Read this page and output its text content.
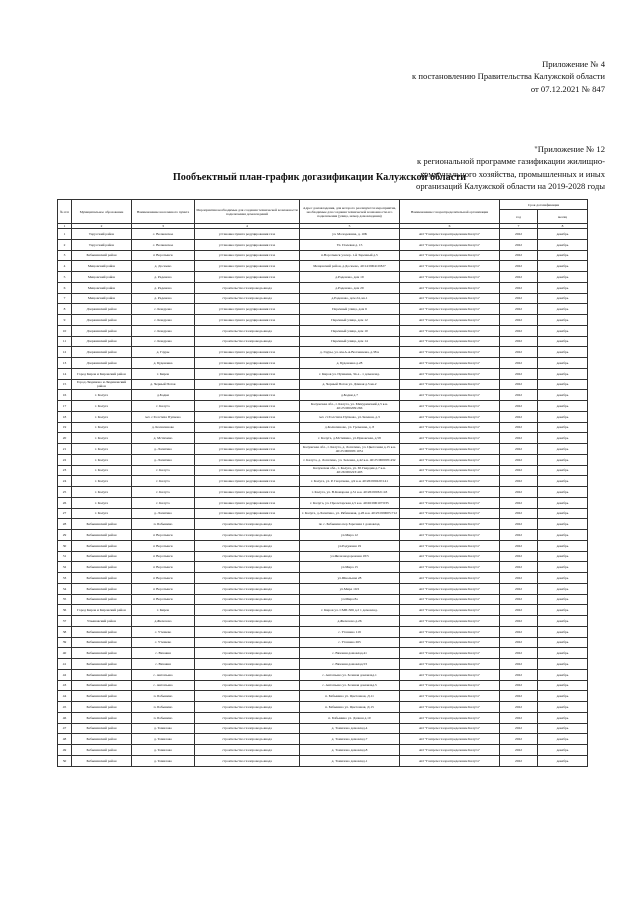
Приложение № 4
к постановлению Правительства Калужской области
от 07.12.2021 № 847
"Приложение № 12
к региональной программе газификации жилищно-
коммунального хозяйства, промышленных и иных
организаций Калужской области на 2019-2028 годы
Пообъектный план-график догазификации Калужской области
№ п/п	Муниципальное образование	Наименование населенного пункта	Мероприятия необходимые для создания технической возможности подключения домовладений	Адрес домовладения, для которого реализуются мероприятия, необходимые для создания технической возможности его подключения (улица, номер домовладения)	Наименование газораспределительной организации	Срок догазификации	
						год	месяц
1	2	3	4	5	6	7	8
1	Тарусский район	с. Волковское	установка пункта редуцирования газа	ул. Молодежная, д. 10Б	АО "Газпром газораспределение Калуга"	2022	декабрь
2	Тарусский район	с. Волковское	установка пункта редуцирования газа	Ул. Полевая д. 15	АО "Газпром газораспределение Калуга"	2022	декабрь
3	Бабынинский район	п Воротынск	установка пункта редуцирования газа	п.Воротынск ул.пер. 1-й Заречный д.5	АО "Газпром газораспределение Калуга"	2022	декабрь
4	Мещовский район	д. Досюево	установка пункта редуцирования газа	Мещовский район, д.Досюево, 40:14:000410:827	АО "Газпром газораспределение Калуга"	2022	декабрь
5	Мещовский район	д. Раденово	установка пункта редуцирования газа	д.Раденово, дом 19	АО "Газпром газораспределение Калуга"	2022	декабрь
6	Мещовский район	д. Раденово	строительство газопровода-ввода	д.Раденово, дом 29	АО "Газпром газораспределение Калуга"	2022	декабрь
7	Мещовский район	д. Раденово	строительство газопровода-ввода	д.Раденово, дом 24, кв.1	АО "Газпром газораспределение Калуга"	2022	декабрь
8	Дзержинский район	с. Кондрово	установка пункта редуцирования газа	Перечный улица, дом 6	АО "Газпром газораспределение Калуга"	2022	декабрь
9	Дзержинский район	с. Кондрово	установка пункта редуцирования газа	Перечный улица, дом 12	АО "Газпром газораспределение Калуга"	2022	декабрь
10	Дзержинский район	с. Кондрово	строительство газопровода-ввода	Перечный улица, дом 10	АО "Газпром газораспределение Калуга"	2022	декабрь
11	Дзержинский район	с. Кондрово	строительство газопровода-ввода	Перечный улица, дом 14	АО "Газпром газораспределение Калуга"	2022	декабрь
12	Дзержинский район	д. Гауры	установка пункта редуцирования газа	д. Гауры, ул. им.А.А.Волченкова, д.38 в	АО "Газпром газораспределение Калуга"	2022	декабрь
13	Дзержинский район	д. Буденовка	установка пункта редуцирования газа	д. Буденовка д.28	АО "Газпром газораспределение Калуга"	2022	декабрь
14	Город Киров и Кировский район	г. Киров	установка пункта редуцирования газа	г. Киров ул. Пушкина, 34-а - 1 домовлад.	АО "Газпром газораспределение Калуга"	2022	декабрь
15	Город Людиново и Людиновский район	д. Черный Поток	установка пункта редуцирования газа	д. Черный Поток ул. Дачная д.5 кв.2	АО "Газпром газораспределение Калуга"	2022	декабрь
16	г. Калуга	д.Бодки	установка пункта редуцирования газа	д.Бодки д.7	АО "Газпром газораспределение Калуга"	2022	декабрь
17	г. Калуга	г. Калуга	установка пункта редуцирования газа	Калужская обл., г. Калуга, ул. Мичуринский д.5 к.н. 40:25:000209:266	АО "Газпром газораспределение Калуга"	2022	декабрь
18	г. Калуга	м/о с.Толстиха Пупково	установка пункта редуцирования газа	м/о ст.Толстиха Пупково, ул.Зеленая, д.3	АО "Газпром газораспределение Калуга"	2022	декабрь
19	г. Калуга	д. Колюпаново	установка пункта редуцирования газа	д.Колюпаново, ул. Громовая, д. 8	АО "Газпром газораспределение Калуга"	2022	декабрь
20	г. Калуга	д. Мстихино	установка пункта редуцирования газа	г. Калуга, д.Мстихино, ул.Приокская, д.58	АО "Газпром газораспределение Калуга"	2022	декабрь
21	г. Калуга	д. Лопатино	установка пункта редуцирования газа	Калужская обл., г. Калуга, д. Лопатино, ул. Цветочная д.15 к.н. 40:25:000005:1051	АО "Газпром газораспределение Калуга"	2022	декабрь
22	г. Калуга	д. Лопатино	установка пункта редуцирования газа	г. Калуга, д. Лопатино, ул. Зеленая, д.42 к.н. 40:25:000005:432	АО "Газпром газораспределение Калуга"	2022	декабрь
23	г. Калуга	г. Калуга	установка пункта редуцирования газа	Калужская обл., г. Калуга, ул. 65 Гвардии д.7 к.н. 40:26:000223:403	АО "Газпром газораспределение Калуга"	2022	декабрь
24	г. Калуга	г. Калуга	установка пункта редуцирования газа	г. Калуга, ул. Р. Георгиева, д.9 к.н. 40:26:000220:141	АО "Газпром газораспределение Калуга"	2022	декабрь
25	г. Калуга	г. Калуга	установка пункта редуцирования газа	г. Калуга, ул. В.Комарова д.51 к.н. 40:26:000321:43	АО "Газпром газораспределение Калуга"	2022	декабрь
26	г. Калуга	г. Калуга	установка пункта редуцирования газа	г. Калуга, ул. Пролетарская д.5 к.н. 40:26:000107:035	АО "Газпром газораспределение Калуга"	2022	декабрь
27	г. Калуга	д. Лопатино	установка пункта редуцирования газа	г. Калуга, д.Лопатино, ул. Рябиновая, д.26 к.н. 40:25:000005:712	АО "Газпром газораспределение Калуга"	2022	декабрь
28	Бабынинский район	п. Бабынино	строительство газопровода-ввода	по с. Бабынино пер Заречная 1 домовлад.	АО "Газпром газораспределение Калуга"	2022	декабрь
29	Бабынинский район	п Воротынск	строительство газопровода-ввода	ул.Мира 12	АО "Газпром газораспределение Калуга"	2022	декабрь
30	Бабынинский район	п Воротынск	строительство газопровода-ввода	ул.Радужная 19	АО "Газпром газораспределение Калуга"	2022	декабрь
31	Бабынинский район	п Воротынск	строительство газопровода-ввода	ул.Железнодорожная 18/5	АО "Газпром газораспределение Калуга"	2022	декабрь
32	Бабынинский район	п Воротынск	строительство газопровода-ввода	ул.Мира 15	АО "Газпром газораспределение Калуга"	2022	декабрь
33	Бабынинский район	п Воротынск	строительство газопровода-ввода	ул.Школьная 28	АО "Газпром газораспределение Калуга"	2022	декабрь
34	Бабынинский район	п Воротынск	строительство газопровода-ввода	ул.Мира 10/2	АО "Газпром газораспределение Калуга"	2022	декабрь
35	Бабынинский район	п Воротынск	строительство газопровода-ввода	ул.Мира 8а	АО "Газпром газораспределение Калуга"	2022	декабрь
36	Город Киров и Кировский район	г. Киров	строительство газопровода-ввода	г. Киров ул. СМП-506 д.2 1 домовлад.	АО "Газпром газораспределение Калуга"	2022	декабрь
37	Ульяновский район	д.Железово	строительство газопровода-ввода	д.Железово д.26	АО "Газпром газораспределение Калуга"	2022	декабрь
38	Бабынинский район	с. Утешево	строительство газопровода-ввода	с. Утешево 119	АО "Газпром газораспределение Калуга"	2022	декабрь
39	Бабынинский район	с. Утешево	строительство газопровода-ввода	с. Утешево 265	АО "Газпром газораспределение Калуга"	2022	декабрь
40	Бабынинский район	с. Вязовня	строительство газопровода-ввода	с. Вязовня домовлад.41	АО "Газпром газораспределение Калуга"	2022	декабрь
41	Бабынинский район	с. Вязовня	строительство газопровода-ввода	с. Вязовня домовлад.53	АО "Газпром газораспределение Калуга"	2022	декабрь
42	Бабынинский район	с. Антопьево	строительство газопровода-ввода	с. Антопьево ул. Зеленая домовлад.1	АО "Газпром газораспределение Калуга"	2022	декабрь
43	Бабынинский район	с. Антопьево	строительство газопровода-ввода	с. Антопьево ул. Зеленая домовлад.5	АО "Газпром газораспределение Калуга"	2022	декабрь
44	Бабынинский район	п. Бабынино	строительство газопровода-ввода	п. Бабынино ул. Цветочная, Д.11	АО "Газпром газораспределение Калуга"	2022	декабрь
45	Бабынинский район	п. Бабынино	строительство газопровода-ввода	п. Бабынино ул. Цветочная, Д.15	АО "Газпром газораспределение Калуга"	2022	декабрь
46	Бабынинский район	п. Бабынино	строительство газопровода-ввода	п. Бабынино ул. Дачная д.10	АО "Газпром газораспределение Калуга"	2022	декабрь
47	Бабынинский район	д. Томилово	строительство газопровода-ввода	д. Томилово домовлад.4	АО "Газпром газораспределение Калуга"	2022	декабрь
48	Бабынинский район	д. Томилово	строительство газопровода-ввода	д. Томилово домовлад.7	АО "Газпром газораспределение Калуга"	2022	декабрь
49	Бабынинский район	д. Томилово	строительство газопровода-ввода	д. Томилово домовлад.8	АО "Газпром газораспределение Калуга"	2022	декабрь
50	Бабынинский район	д. Томилово	строительство газопровода-ввода	д. Томилово домовлад.1	АО "Газпром газораспределение Калуга"	2022	декабрь
